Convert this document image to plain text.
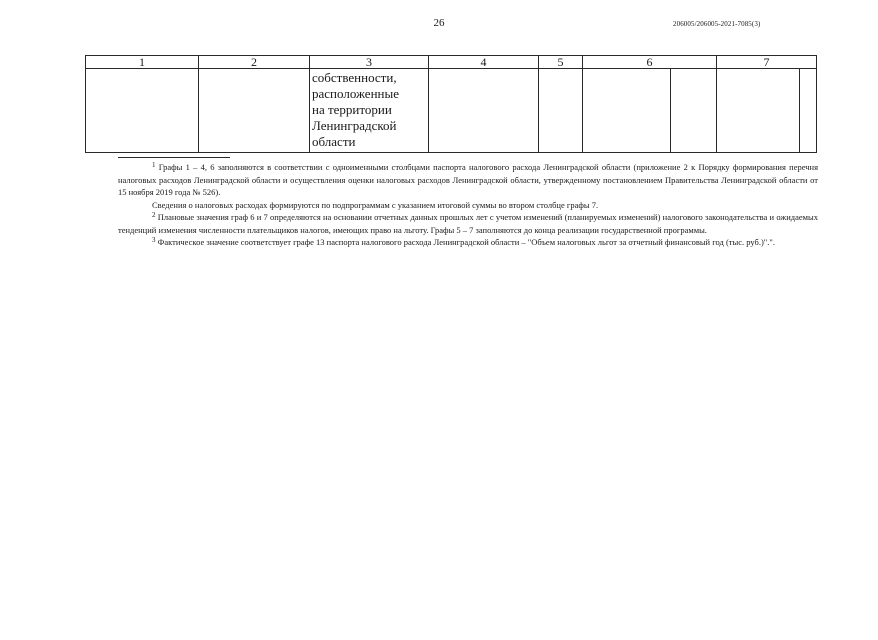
26	206005/206005-2021-7085(3)
1	2	3	4	5	6		7	

		собственности,
расположенные
на территории
Ленинградской
области						

$^1$ Графы 1 – 4, 6 заполняются в соответствии с одноименными столбцами паспорта налогового расхода Ленинградской области (приложение 2 к Порядку формирования перечня налоговых расходов Ленинградской области и осуществления оценки налоговых расходов Ленинградской области, утвержденному постановлением Правительства Ленинградской области от 15 ноября 2019 года № 526).

Сведения о налоговых расходах формируются по подпрограммам с указанием итоговой суммы во втором столбце графы 7.

$^2$ Плановые значения граф 6 и 7 определяются на основании отчетных данных прошлых лет с учетом изменений (планируемых изменений) налогового законодательства и ожидаемых тенденций изменения численности плательщиков налогов, имеющих право на льготу. Графы 5 – 7 заполняются до конца реализации государственной программы.

$^3$ Фактическое значение соответствует графе 13 паспорта налогового расхода Ленинградской области – "Объем налоговых льгот за отчетный финансовый год (тыс. руб.)".".
